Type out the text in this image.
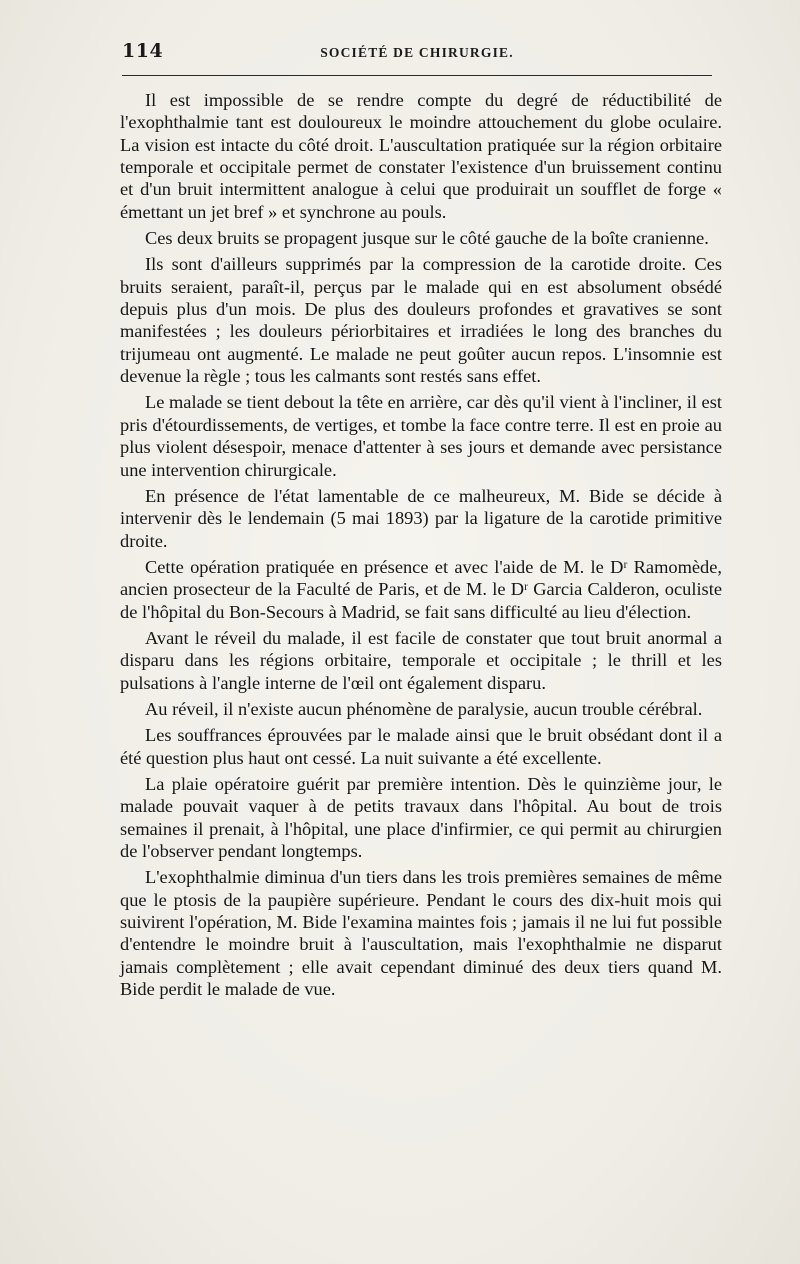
114	SOCIÉTÉ DE CHIRURGIE.

Il est impossible de se rendre compte du degré de réductibilité de l'exophthalmie tant est douloureux le moindre attouchement du globe oculaire. La vision est intacte du côté droit. L'auscultation pratiquée sur la région orbitaire temporale et occipitale permet de constater l'existence d'un bruissement continu et d'un bruit intermittent analogue à celui que produirait un soufflet de forge « émettant un jet bref » et synchrone au pouls.

Ces deux bruits se propagent jusque sur le côté gauche de la boîte cranienne.

Ils sont d'ailleurs supprimés par la compression de la carotide droite. Ces bruits seraient, paraît-il, perçus par le malade qui en est absolument obsédé depuis plus d'un mois. De plus des douleurs profondes et gravatives se sont manifestées ; les douleurs périorbitaires et irradiées le long des branches du trijumeau ont augmenté. Le malade ne peut goûter aucun repos. L'insomnie est devenue la règle ; tous les calmants sont restés sans effet.

Le malade se tient debout la tête en arrière, car dès qu'il vient à l'incliner, il est pris d'étourdissements, de vertiges, et tombe la face contre terre. Il est en proie au plus violent désespoir, menace d'attenter à ses jours et demande avec persistance une intervention chirurgicale.

En présence de l'état lamentable de ce malheureux, M. Bide se décide à intervenir dès le lendemain (5 mai 1893) par la ligature de la carotide primitive droite.

Cette opération pratiquée en présence et avec l'aide de M. le Dʳ Ramomède, ancien prosecteur de la Faculté de Paris, et de M. le Dʳ Garcia Calderon, oculiste de l'hôpital du Bon-Secours à Madrid, se fait sans difficulté au lieu d'élection.

Avant le réveil du malade, il est facile de constater que tout bruit anormal a disparu dans les régions orbitaire, temporale et occipitale ; le thrill et les pulsations à l'angle interne de l'œil ont également disparu.

Au réveil, il n'existe aucun phénomène de paralysie, aucun trouble cérébral.

Les souffrances éprouvées par le malade ainsi que le bruit obsédant dont il a été question plus haut ont cessé. La nuit suivante a été excellente.

La plaie opératoire guérit par première intention. Dès le quinzième jour, le malade pouvait vaquer à de petits travaux dans l'hôpital. Au bout de trois semaines il prenait, à l'hôpital, une place d'infirmier, ce qui permit au chirurgien de l'observer pendant longtemps.

L'exophthalmie diminua d'un tiers dans les trois premières semaines de même que le ptosis de la paupière supérieure. Pendant le cours des dix-huit mois qui suivirent l'opération, M. Bide l'examina maintes fois ; jamais il ne lui fut possible d'entendre le moindre bruit à l'auscultation, mais l'exophthalmie ne disparut jamais complètement ; elle avait cependant diminué des deux tiers quand M. Bide perdit le malade de vue.
